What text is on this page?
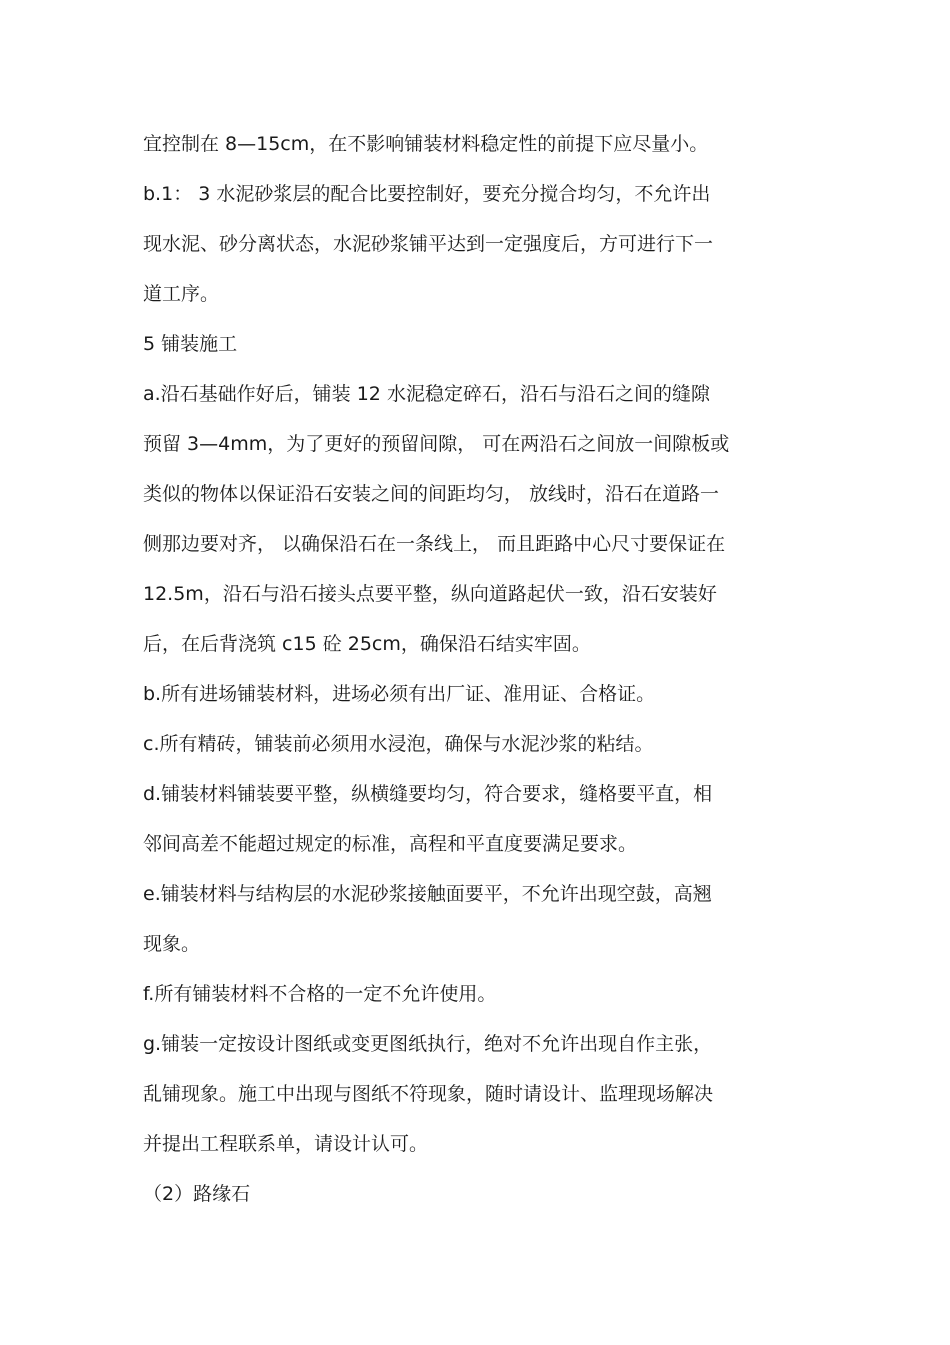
宜控制在 8—15cm，在不影响铺装材料稳定性的前提下应尽量小。
b.1： 3 水泥砂浆层的配合比要控制好，要充分搅合均匀，不允许出
现水泥、砂分离状态，水泥砂浆铺平达到一定强度后，方可进行下一
道工序。
5 铺装施工
a.沿石基础作好后，铺装 12 水泥稳定碎石，沿石与沿石之间的缝隙
预留 3—4mm，为了更好的预留间隙， 可在两沿石之间放一间隙板或
类似的物体以保证沿石安装之间的间距均匀， 放线时，沿石在道路一
侧那边要对齐， 以确保沿石在一条线上， 而且距路中心尺寸要保证在
12.5m，沿石与沿石接头点要平整，纵向道路起伏一致，沿石安装好
后，在后背浇筑 c15 砼 25cm，确保沿石结实牢固。
b.所有进场铺装材料，进场必须有出厂证、准用证、合格证。
c.所有精砖，铺装前必须用水浸泡，确保与水泥沙浆的粘结。
d.铺装材料铺装要平整，纵横缝要均匀，符合要求，缝格要平直，相
邻间高差不能超过规定的标准，高程和平直度要满足要求。
e.铺装材料与结构层的水泥砂浆接触面要平，不允许出现空鼓，高翘
现象。
f.所有铺装材料不合格的一定不允许使用。
g.铺装一定按设计图纸或变更图纸执行，绝对不允许出现自作主张，
乱铺现象。施工中出现与图纸不符现象，随时请设计、监理现场解决
并提出工程联系单，请设计认可。
（2）路缘石
